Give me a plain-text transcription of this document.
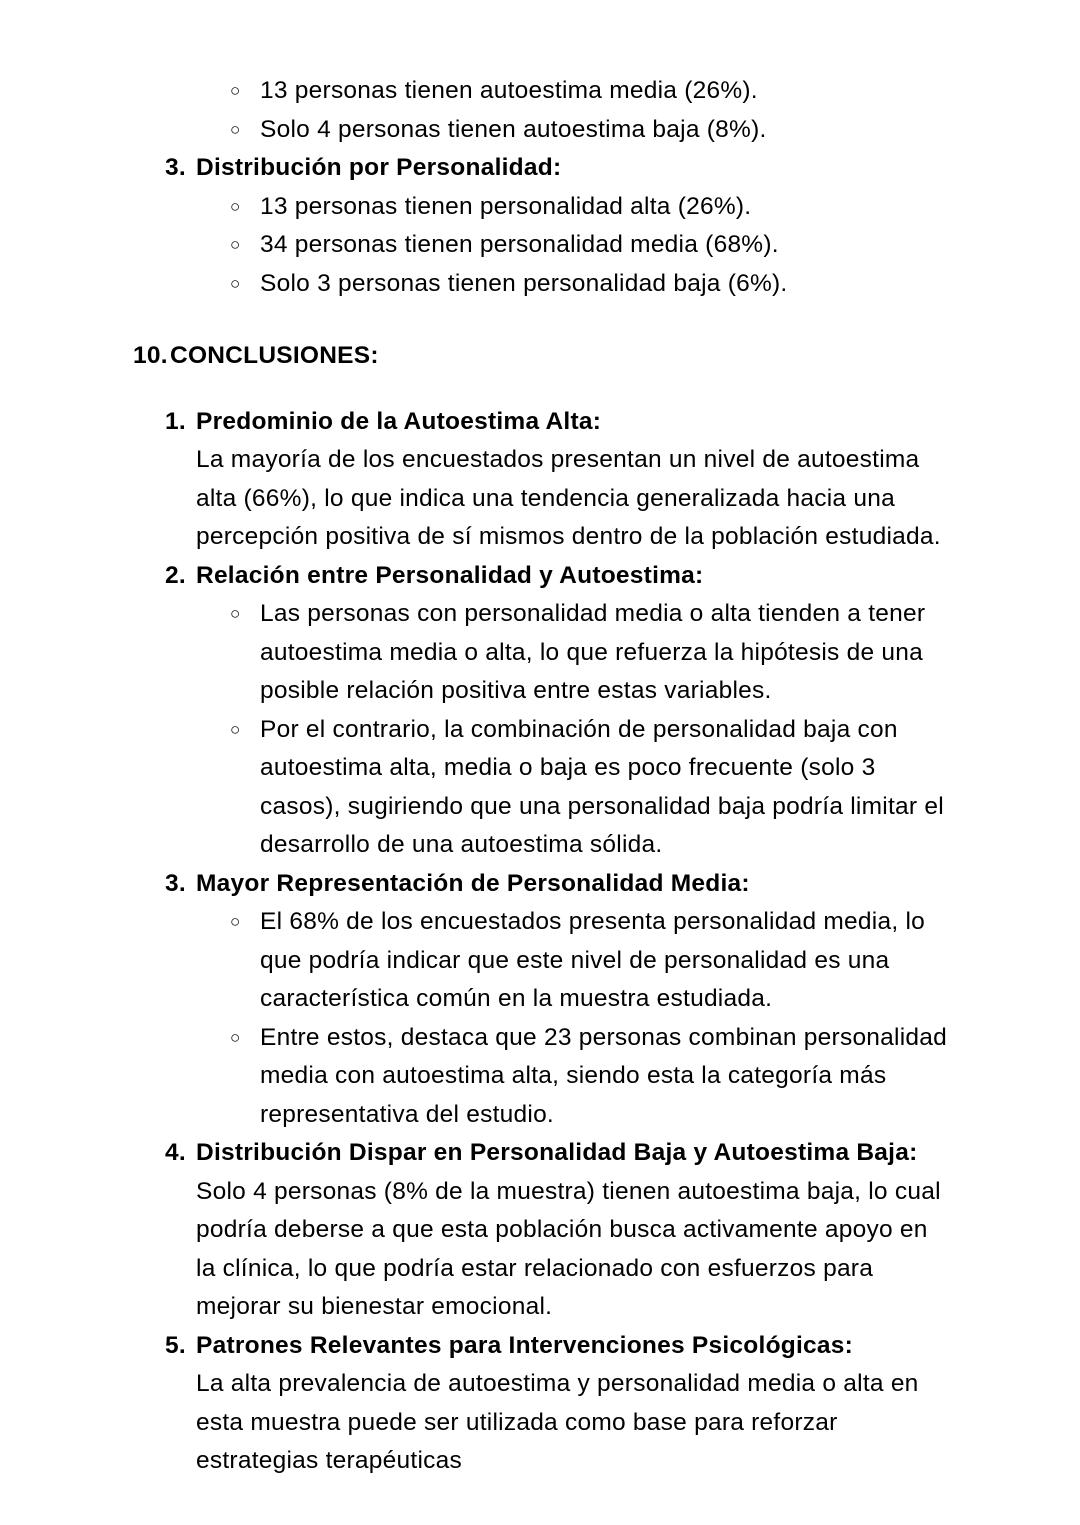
○ 13 personas tienen autoestima media (26%).
○ Solo 4 personas tienen autoestima baja (8%).
3. Distribución por Personalidad:
○ 13 personas tienen personalidad alta (26%).
○ 34 personas tienen personalidad media (68%).
○ Solo 3 personas tienen personalidad baja (6%).
10. CONCLUSIONES:
1. Predominio de la Autoestima Alta:
La mayoría de los encuestados presentan un nivel de autoestima alta (66%), lo que indica una tendencia generalizada hacia una percepción positiva de sí mismos dentro de la población estudiada.
2. Relación entre Personalidad y Autoestima:
○ Las personas con personalidad media o alta tienden a tener autoestima media o alta, lo que refuerza la hipótesis de una posible relación positiva entre estas variables.
○ Por el contrario, la combinación de personalidad baja con autoestima alta, media o baja es poco frecuente (solo 3 casos), sugiriendo que una personalidad baja podría limitar el desarrollo de una autoestima sólida.
3. Mayor Representación de Personalidad Media:
○ El 68% de los encuestados presenta personalidad media, lo que podría indicar que este nivel de personalidad es una característica común en la muestra estudiada.
○ Entre estos, destaca que 23 personas combinan personalidad media con autoestima alta, siendo esta la categoría más representativa del estudio.
4. Distribución Dispar en Personalidad Baja y Autoestima Baja:
Solo 4 personas (8% de la muestra) tienen autoestima baja, lo cual podría deberse a que esta población busca activamente apoyo en la clínica, lo que podría estar relacionado con esfuerzos para mejorar su bienestar emocional.
5. Patrones Relevantes para Intervenciones Psicológicas:
La alta prevalencia de autoestima y personalidad media o alta en esta muestra puede ser utilizada como base para reforzar estrategias terapéuticas
